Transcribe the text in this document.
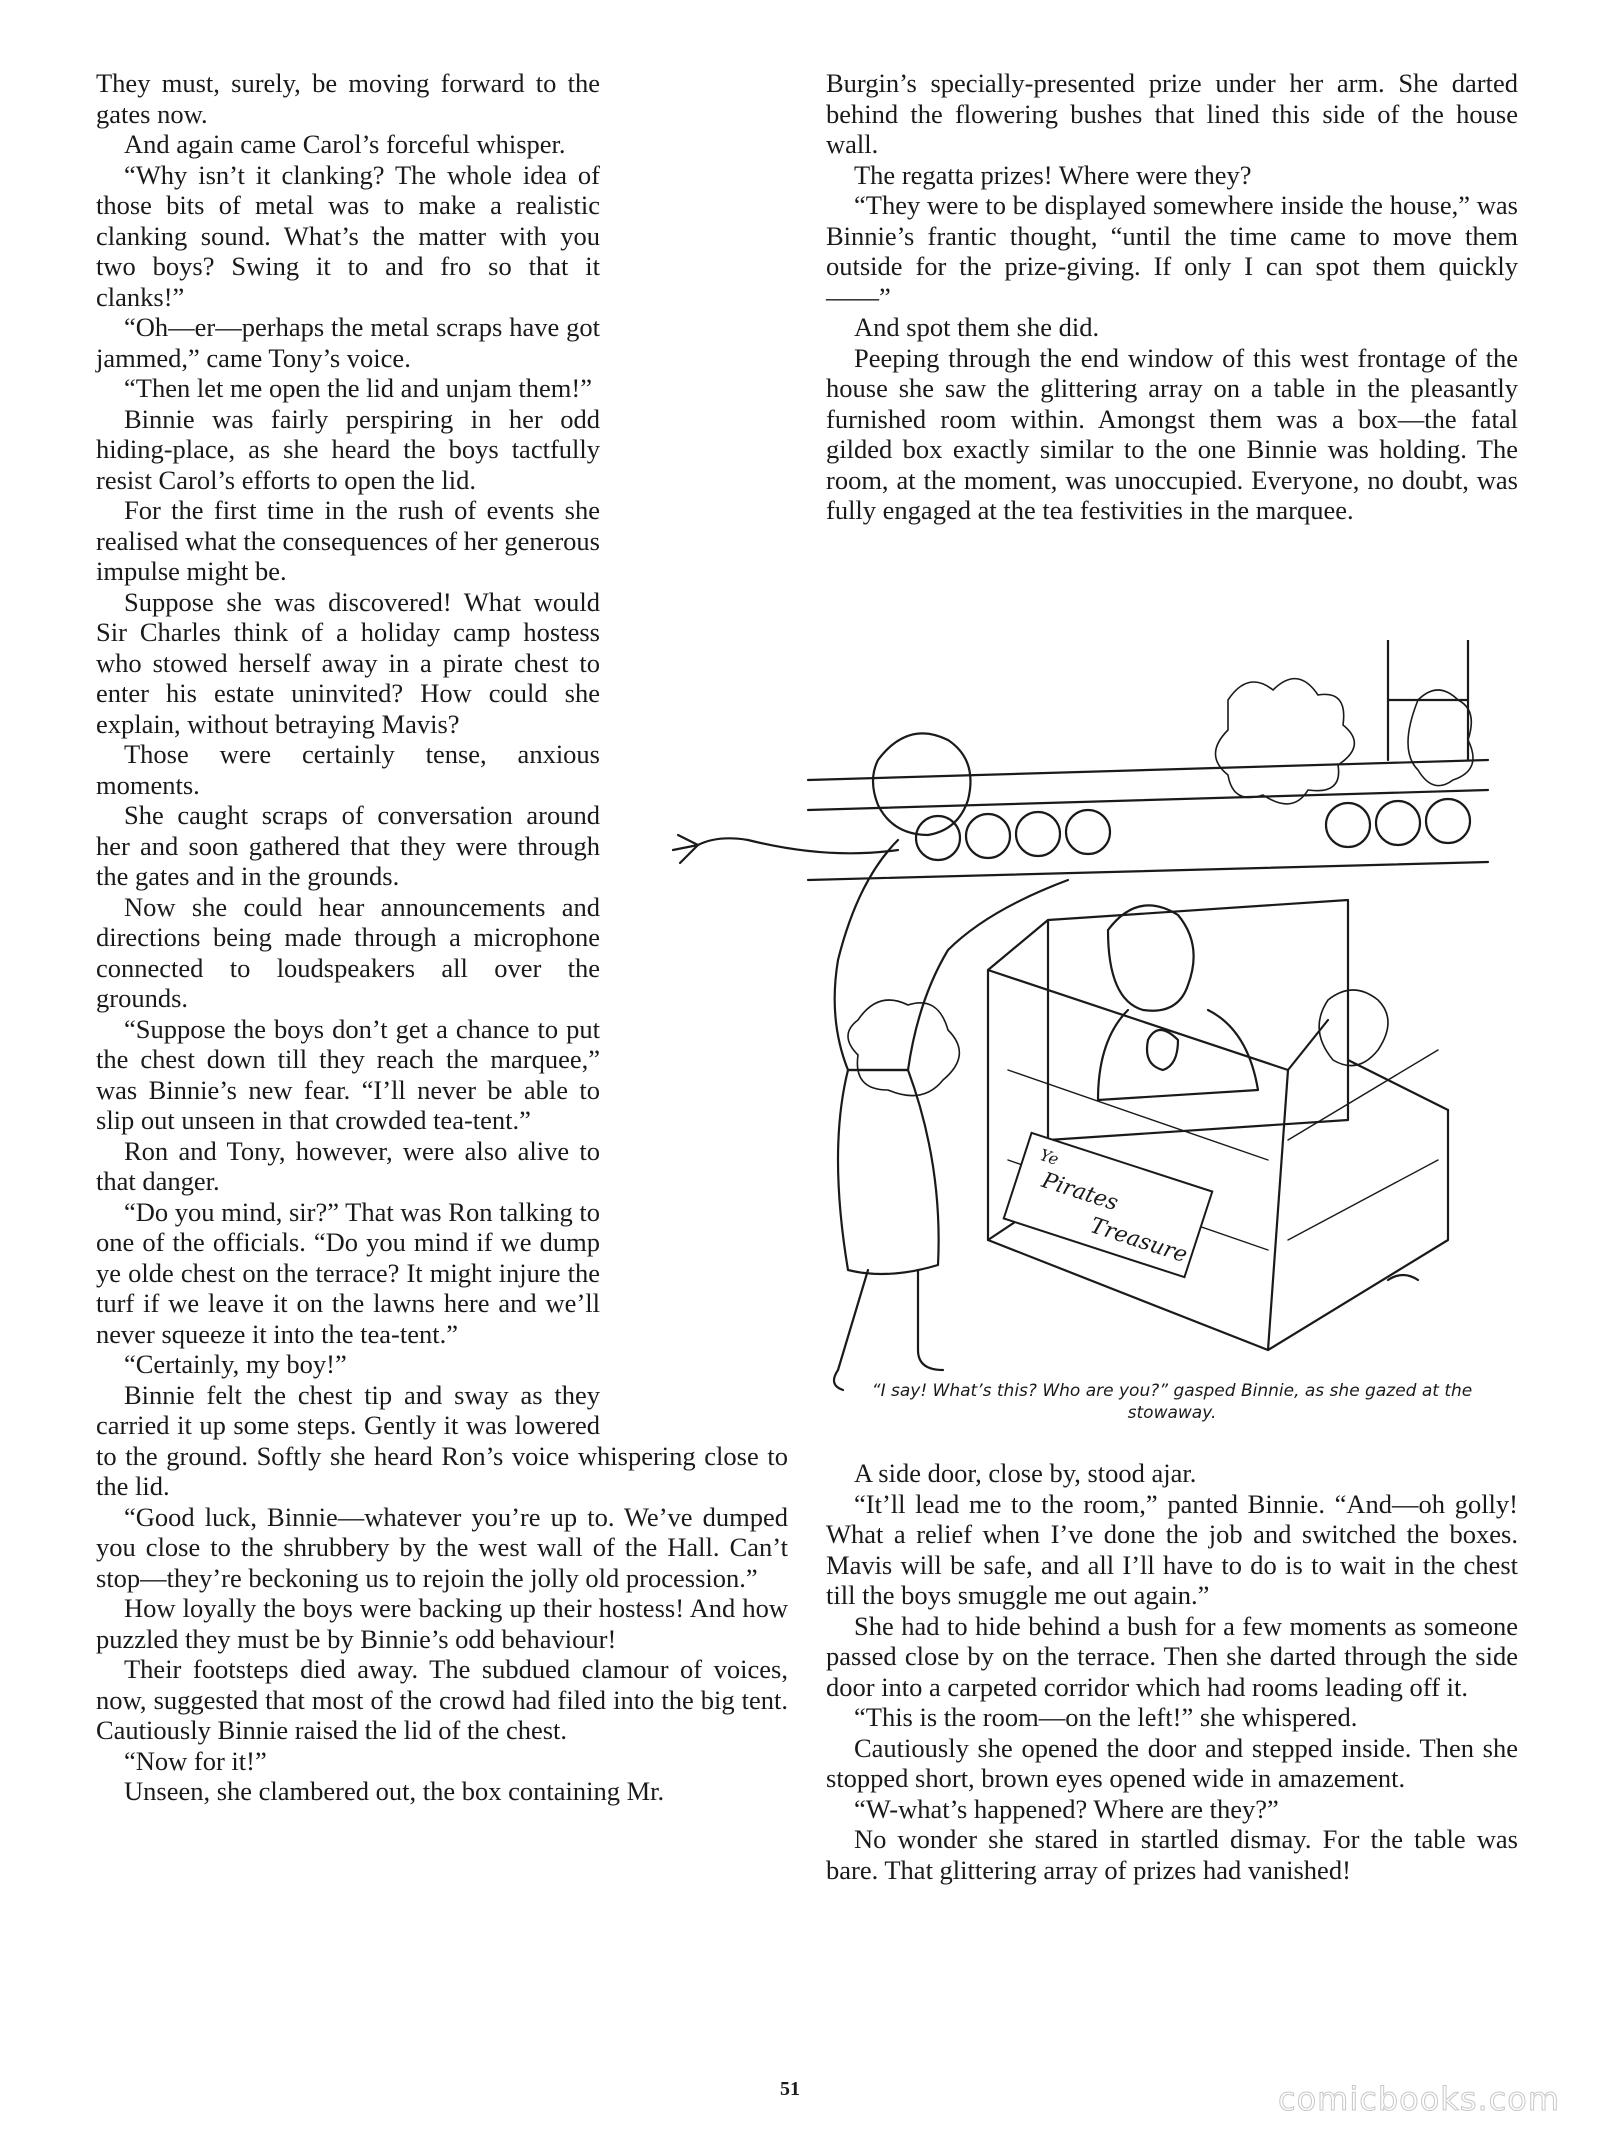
They must, surely, be moving forward to the gates now.

And again came Carol’s forceful whisper.

“Why isn’t it clanking? The whole idea of those bits of metal was to make a realistic clanking sound. What’s the matter with you two boys? Swing it to and fro so that it clanks!”

“Oh—er—perhaps the metal scraps have got jammed,” came Tony’s voice.

“Then let me open the lid and unjam them!”

Binnie was fairly perspiring in her odd hiding-place, as she heard the boys tactfully resist Carol’s efforts to open the lid.

For the first time in the rush of events she realised what the consequences of her generous impulse might be.

Suppose she was discovered! What would Sir Charles think of a holiday camp hostess who stowed herself away in a pirate chest to enter his estate uninvited? How could she explain, without betraying Mavis?

Those were certainly tense, anxious moments.

She caught scraps of conversation around her and soon gathered that they were through the gates and in the grounds.

Now she could hear announcements and directions being made through a microphone connected to loudspeakers all over the grounds.

“Suppose the boys don’t get a chance to put the chest down till they reach the marquee,” was Binnie’s new fear. “I’ll never be able to slip out unseen in that crowded tea-tent.”

Ron and Tony, however, were also alive to that danger.

“Do you mind, sir?” That was Ron talking to one of the officials. “Do you mind if we dump ye olde chest on the terrace? It might injure the turf if we leave it on the lawns here and we’ll never squeeze it into the tea-tent.”

“Certainly, my boy!”

Binnie felt the chest tip and sway as they carried it up some steps. Gently it was lowered to the ground. Softly she heard Ron’s voice whispering close to the lid.

“Good luck, Binnie—whatever you’re up to. We’ve dumped you close to the shrubbery by the west wall of the Hall. Can’t stop—they’re beckoning us to rejoin the jolly old procession.”

How loyally the boys were backing up their hostess! And how puzzled they must be by Binnie’s odd behaviour!

Their footsteps died away. The subdued clamour of voices, now, suggested that most of the crowd had filed into the big tent. Cautiously Binnie raised the lid of the chest.

“Now for it!”

Unseen, she clambered out, the box containing Mr.

Burgin’s specially-presented prize under her arm. She darted behind the flowering bushes that lined this side of the house wall.

The regatta prizes! Where were they?

“They were to be displayed somewhere inside the house,” was Binnie’s frantic thought, “until the time came to move them outside for the prize-giving. If only I can spot them quickly——”

And spot them she did.

Peeping through the end window of this west frontage of the house she saw the glittering array on a table in the pleasantly furnished room within. Amongst them was a box—the fatal gilded box exactly similar to the one Binnie was holding. The room, at the moment, was unoccupied. Everyone, no doubt, was fully engaged at the tea festivities in the marquee.

Ye
Pirates
Treasure
“I say! What’s this? Who are you?” gasped Binnie, as she gazed at the stowaway.

A side door, close by, stood ajar.

“It’ll lead me to the room,” panted Binnie. “And—oh golly! What a relief when I’ve done the job and switched the boxes. Mavis will be safe, and all I’ll have to do is to wait in the chest till the boys smuggle me out again.”

She had to hide behind a bush for a few moments as someone passed close by on the terrace. Then she darted through the side door into a carpeted corridor which had rooms leading off it.

“This is the room—on the left!” she whispered.

Cautiously she opened the door and stepped inside. Then she stopped short, brown eyes opened wide in amazement.

“W-what’s happened? Where are they?”

No wonder she stared in startled dismay. For the table was bare. That glittering array of prizes had vanished!

51	comicbooks.com
